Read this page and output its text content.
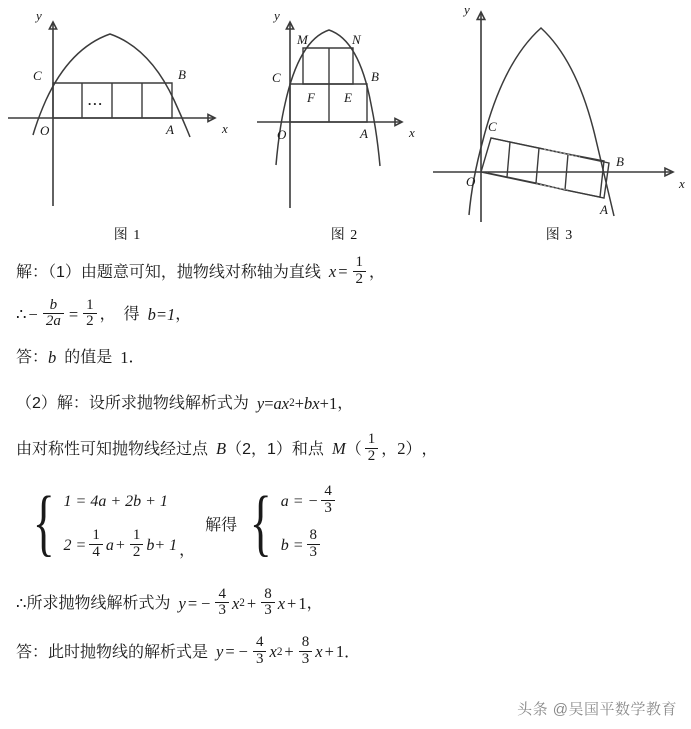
...
y
x
O
C	B
A
图 1
y
x
O
C	B
A
M	N
F E
图 2
y
x
O
C
B
A
图 3
解：（1）由题意可知，抛物线对称轴为直线 $x = \frac{1}{2}$ ，
∴ − $\frac{b}{2a} = \frac{1}{2}$ ， 得 b=1 ，
答： b 的值是 1 ．
（2）解：设所求抛物线解析式为 y = a x 2 + b x + 1 ，
由对称性可知抛物线经过点 B （2，1） 和点 M （ $\frac{1}{2}$ ， 2 ） ，
{ 1 = 4a + 2b + 1
$2 = \frac{1}{4}$ $a + \frac{1}{2}$ b + 1 ，
解得 { a = − $\frac{4}{3}$
$b = \frac{8}{3}$
∴ 所求抛物线解析式为 y = − $\frac{4}{3}$ x $2 + \frac{8}{3}$ x + 1 ，
答： 此时抛物线的解析式是 y = − $\frac{4}{3}$ x $2 + \frac{8}{3}$ x + 1 ．
头条 @吴国平数学教育
